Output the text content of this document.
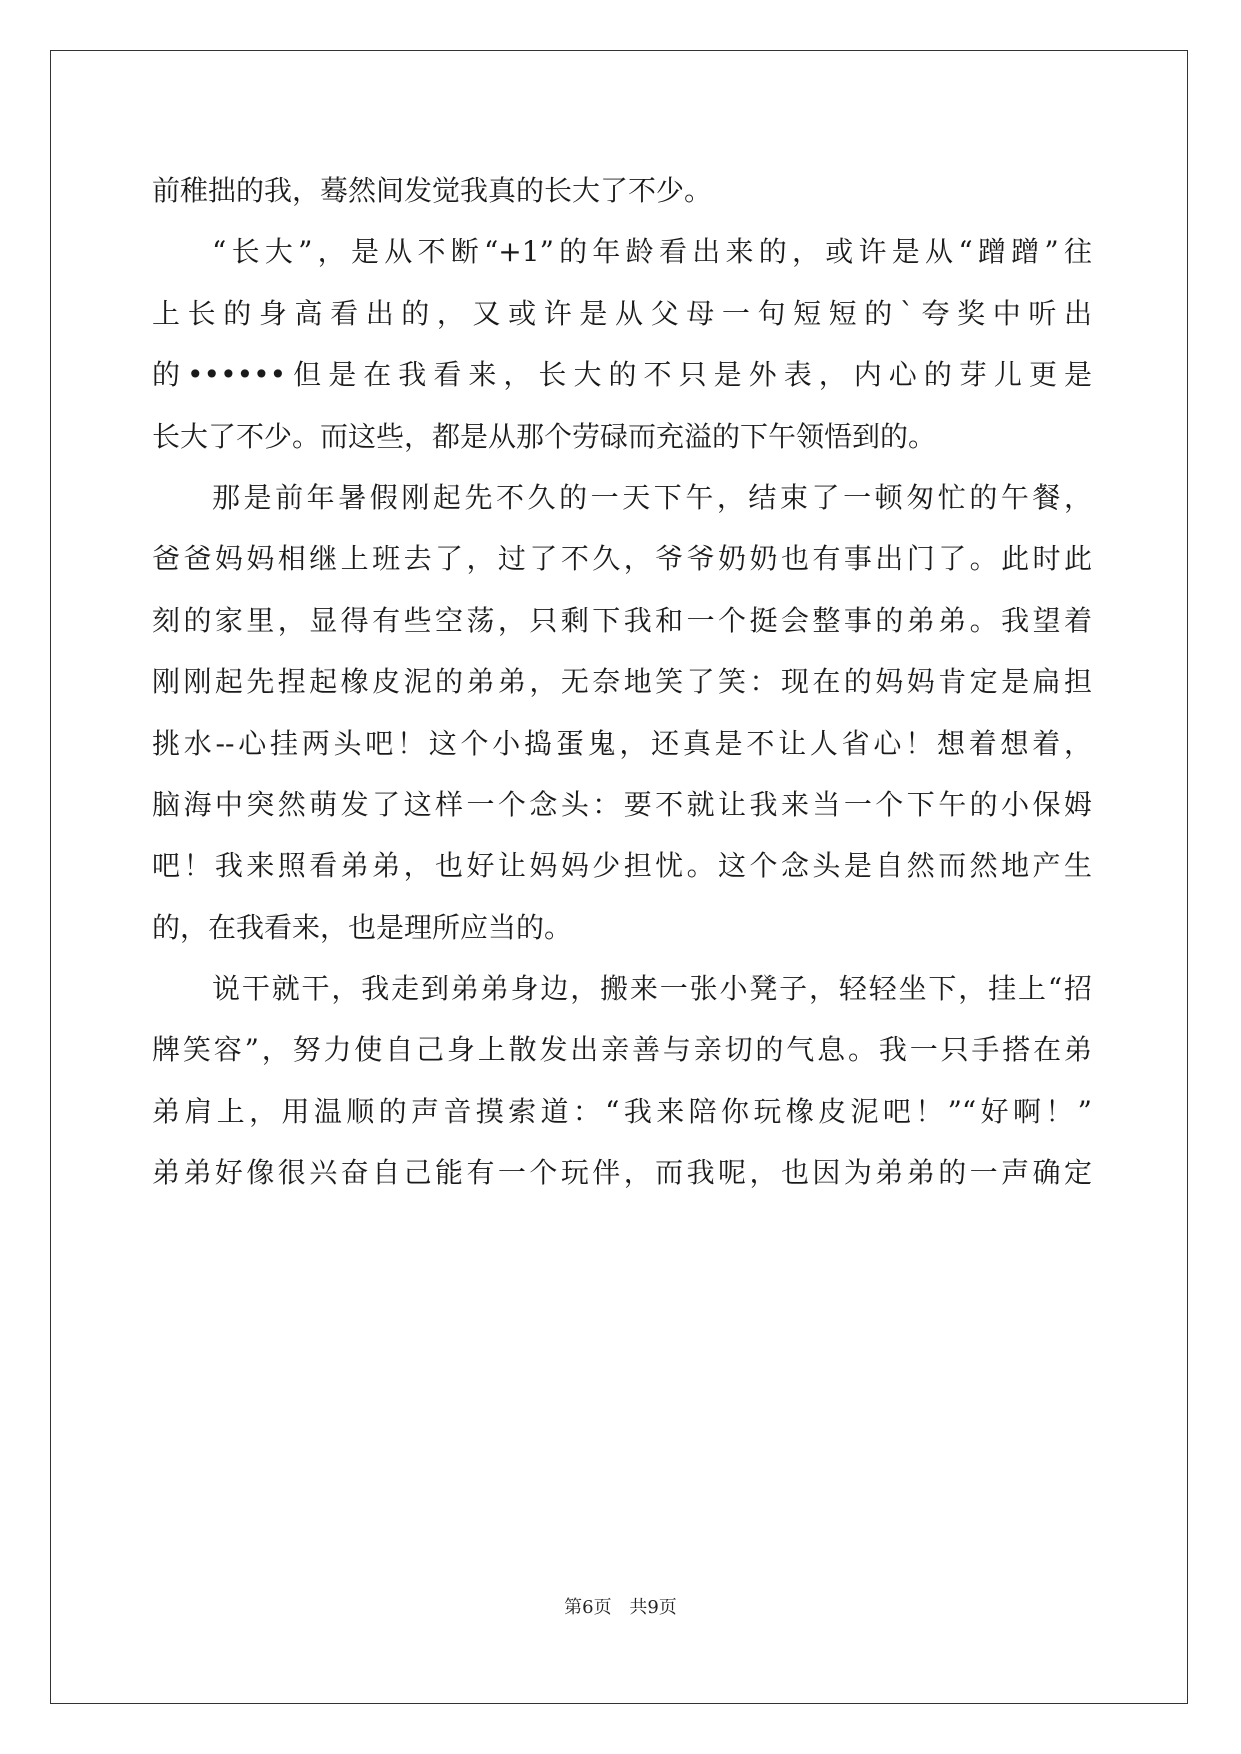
前稚拙的我，蓦然间发觉我真的长大了不少。
“长大”，是从不断“+1”的年龄看出来的，或许是从“蹭蹭”往
上长的身高看出的，又或许是从父母一句短短的`夸奖中听出
的••••••但是在我看来，长大的不只是外表，内心的芽儿更是
长大了不少。而这些，都是从那个劳碌而充溢的下午领悟到的。
那是前年暑假刚起先不久的一天下午，结束了一顿匆忙的午餐，
爸爸妈妈相继上班去了，过了不久，爷爷奶奶也有事出门了。此时此
刻的家里，显得有些空荡，只剩下我和一个挺会整事的弟弟。我望着
刚刚起先捏起橡皮泥的弟弟，无奈地笑了笑：现在的妈妈肯定是扁担
挑水--心挂两头吧！这个小捣蛋鬼，还真是不让人省心！想着想着，
脑海中突然萌发了这样一个念头：要不就让我来当一个下午的小保姆
吧！我来照看弟弟，也好让妈妈少担忧。这个念头是自然而然地产生
的，在我看来，也是理所应当的。
说干就干，我走到弟弟身边，搬来一张小凳子，轻轻坐下，挂上“招
牌笑容”，努力使自己身上散发出亲善与亲切的气息。我一只手搭在弟
弟肩上，用温顺的声音摸索道：“我来陪你玩橡皮泥吧！”“好啊！”
弟弟好像很兴奋自己能有一个玩伴，而我呢，也因为弟弟的一声确定
第6页 共9页
